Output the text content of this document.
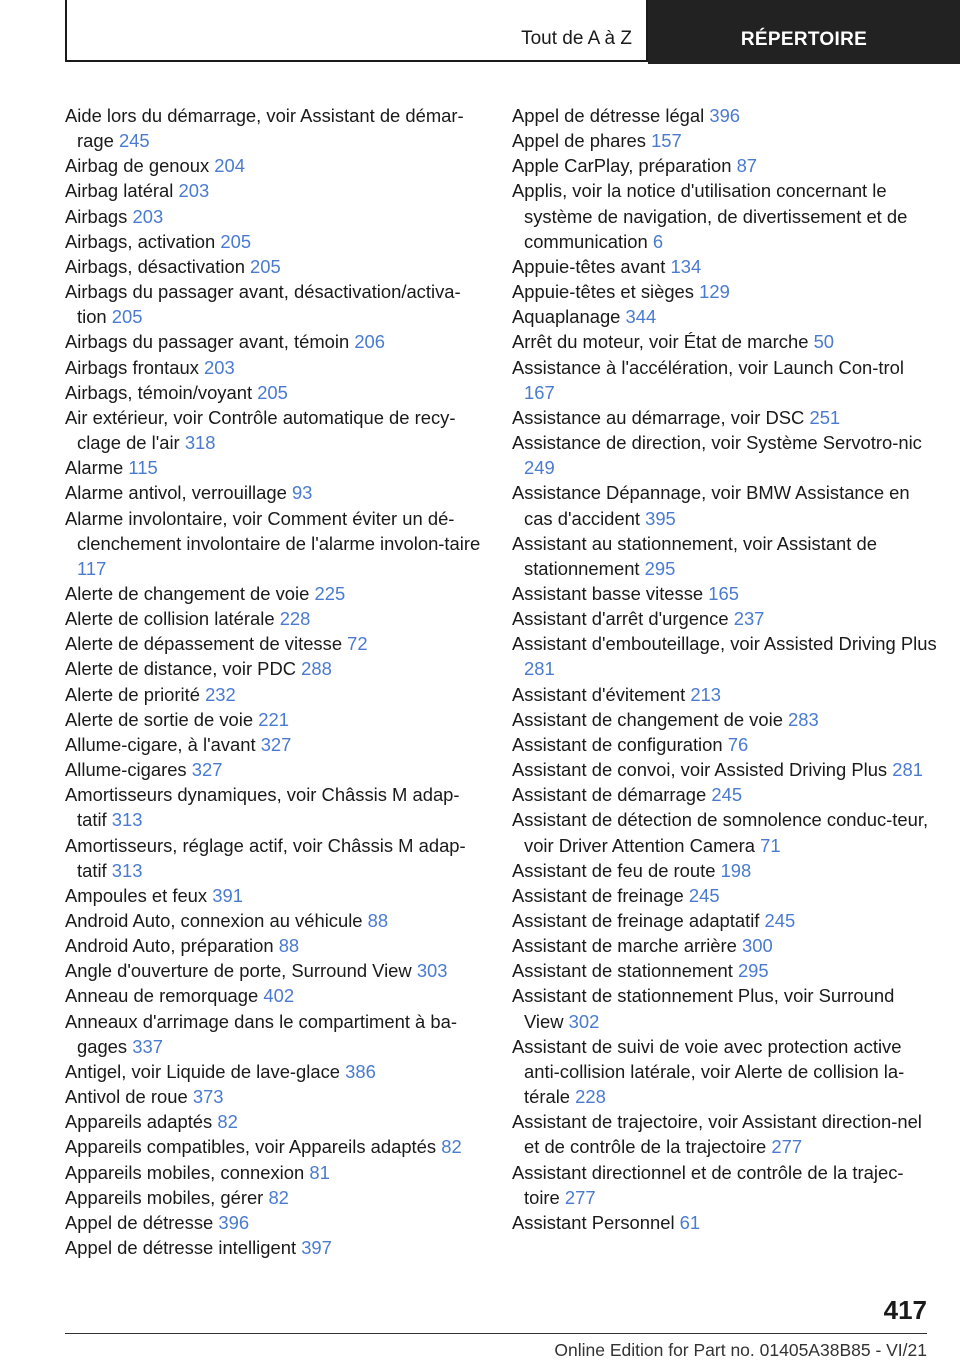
Tout de A à Z	RÉPERTOIRE
Aide lors du démarrage, voir Assistant de démar-rage 245
Airbag de genoux 204
Airbag latéral 203
Airbags 203
Airbags, activation 205
Airbags, désactivation 205
Airbags du passager avant, désactivation/activa-tion 205
Airbags du passager avant, témoin 206
Airbags frontaux 203
Airbags, témoin/voyant 205
Air extérieur, voir Contrôle automatique de recy-clage de l'air 318
Alarme 115
Alarme antivol, verrouillage 93
Alarme involontaire, voir Comment éviter un dé-clenchement involontaire de l'alarme involon-taire 117
Alerte de changement de voie 225
Alerte de collision latérale 228
Alerte de dépassement de vitesse 72
Alerte de distance, voir PDC 288
Alerte de priorité 232
Alerte de sortie de voie 221
Allume-cigare, à l'avant 327
Allume-cigares 327
Amortisseurs dynamiques, voir Châssis M adap-tatif 313
Amortisseurs, réglage actif, voir Châssis M adap-tatif 313
Ampoules et feux 391
Android Auto, connexion au véhicule 88
Android Auto, préparation 88
Angle d'ouverture de porte, Surround View 303
Anneau de remorquage 402
Anneaux d'arrimage dans le compartiment à ba-gages 337
Antigel, voir Liquide de lave-glace 386
Antivol de roue 373
Appareils adaptés 82
Appareils compatibles, voir Appareils adaptés 82
Appareils mobiles, connexion 81
Appareils mobiles, gérer 82
Appel de détresse 396
Appel de détresse intelligent 397
Appel de détresse légal 396
Appel de phares 157
Apple CarPlay, préparation 87
Applis, voir la notice d'utilisation concernant le système de navigation, de divertissement et de communication 6
Appuie-têtes avant 134
Appuie-têtes et sièges 129
Aquaplanage 344
Arrêt du moteur, voir État de marche 50
Assistance à l'accélération, voir Launch Con-trol 167
Assistance au démarrage, voir DSC 251
Assistance de direction, voir Système Servotro-nic 249
Assistance Dépannage, voir BMW Assistance en cas d'accident 395
Assistant au stationnement, voir Assistant de stationnement 295
Assistant basse vitesse 165
Assistant d'arrêt d'urgence 237
Assistant d'embouteillage, voir Assisted Driving Plus 281
Assistant d'évitement 213
Assistant de changement de voie 283
Assistant de configuration 76
Assistant de convoi, voir Assisted Driving Plus 281
Assistant de démarrage 245
Assistant de détection de somnolence conduc-teur, voir Driver Attention Camera 71
Assistant de feu de route 198
Assistant de freinage 245
Assistant de freinage adaptatif 245
Assistant de marche arrière 300
Assistant de stationnement 295
Assistant de stationnement Plus, voir Surround View 302
Assistant de suivi de voie avec protection active anti-collision latérale, voir Alerte de collision la-térale 228
Assistant de trajectoire, voir Assistant direction-nel et de contrôle de la trajectoire 277
Assistant directionnel et de contrôle de la trajec-toire 277
Assistant Personnel 61
417
Online Edition for Part no. 01405A38B85 - VI/21
